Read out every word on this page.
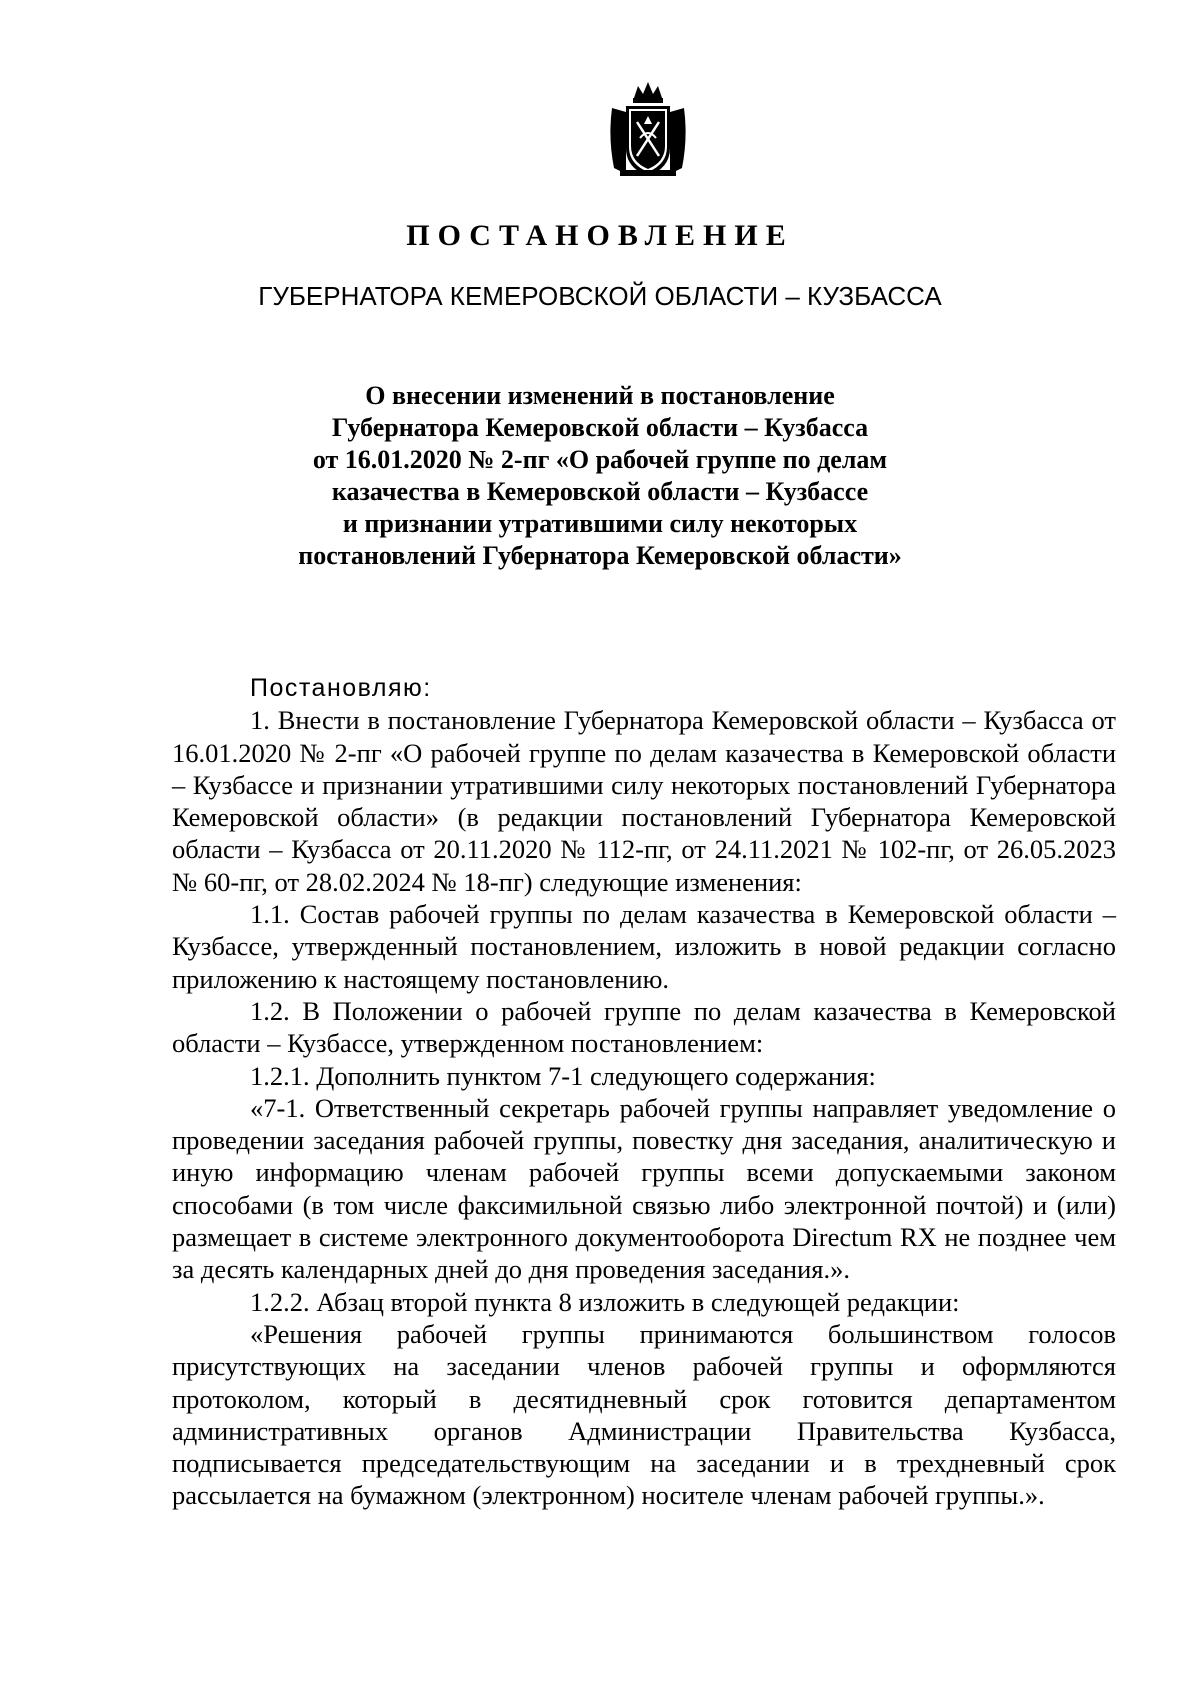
ПОСТАНОВЛЕНИЕ
ГУБЕРНАТОРА КЕМЕРОВСКОЙ ОБЛАСТИ – КУЗБАССА
О внесении изменений в постановление
Губернатора Кемеровской области – Кузбасса
от 16.01.2020 № 2-пг «О рабочей группе по делам
казачества в Кемеровской области – Кузбассе
и признании утратившими силу некоторых
постановлений Губернатора Кемеровской области»

Постановляю:

1. Внести в постановление Губернатора Кемеровской области – Кузбасса от 16.01.2020 № 2-пг «О рабочей группе по делам казачества в Кемеровской области – Кузбассе и признании утратившими силу некоторых постановлений Губернатора Кемеровской области» (в редакции постановлений Губернатора Кемеровской области – Кузбасса от 20.11.2020 № 112-пг, от 24.11.2021 № 102-пг, от 26.05.2023 № 60-пг, от 28.02.2024 № 18-пг) следующие изменения:

1.1. Состав рабочей группы по делам казачества в Кемеровской области – Кузбассе, утвержденный постановлением, изложить в новой редакции согласно приложению к настоящему постановлению.

1.2. В Положении о рабочей группе по делам казачества в Кемеровской области – Кузбассе, утвержденном постановлением:

1.2.1. Дополнить пунктом 7-1 следующего содержания:

«7-1. Ответственный секретарь рабочей группы направляет уведомление о проведении заседания рабочей группы, повестку дня заседания, аналитическую и иную информацию членам рабочей группы всеми допускаемыми законом способами (в том числе факсимильной связью либо электронной почтой) и (или) размещает в системе электронного документооборота Directum RX не позднее чем за десять календарных дней до дня проведения заседания.».

1.2.2. Абзац второй пункта 8 изложить в следующей редакции:

«Решения рабочей группы принимаются большинством голосов присутствующих на заседании членов рабочей группы и оформляются протоколом, который в десятидневный срок готовится департаментом административных органов Администрации Правительства Кузбасса, подписывается председательствующим на заседании и в трехдневный срок рассылается на бумажном (электронном) носителе членам рабочей группы.».
